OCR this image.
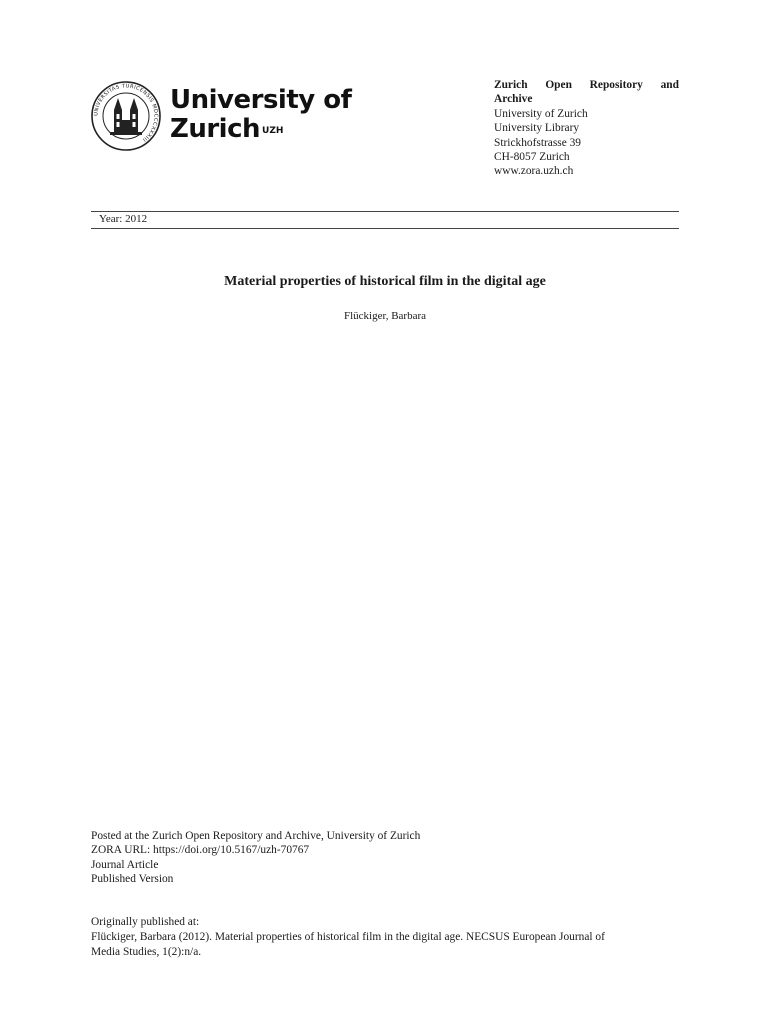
UNIVERSITAS TURICENSIS MDCCCXXXIII
University of
Zurich $^{UZH}$
Zurich Open Repository and
Archive
University of Zurich
University Library
Strickhofstrasse 39
CH-8057 Zurich
www.zora.uzh.ch
Year: 2012
Material properties of historical film in the digital age
Flückiger, Barbara
Posted at the Zurich Open Repository and Archive, University of Zurich
ZORA URL: https://doi.org/10.5167/uzh-70767
Journal Article
Published Version
Originally published at:
Flückiger, Barbara (2012). Material properties of historical film in the digital age. NECSUS European Journal of
Media Studies, 1(2):n/a.
